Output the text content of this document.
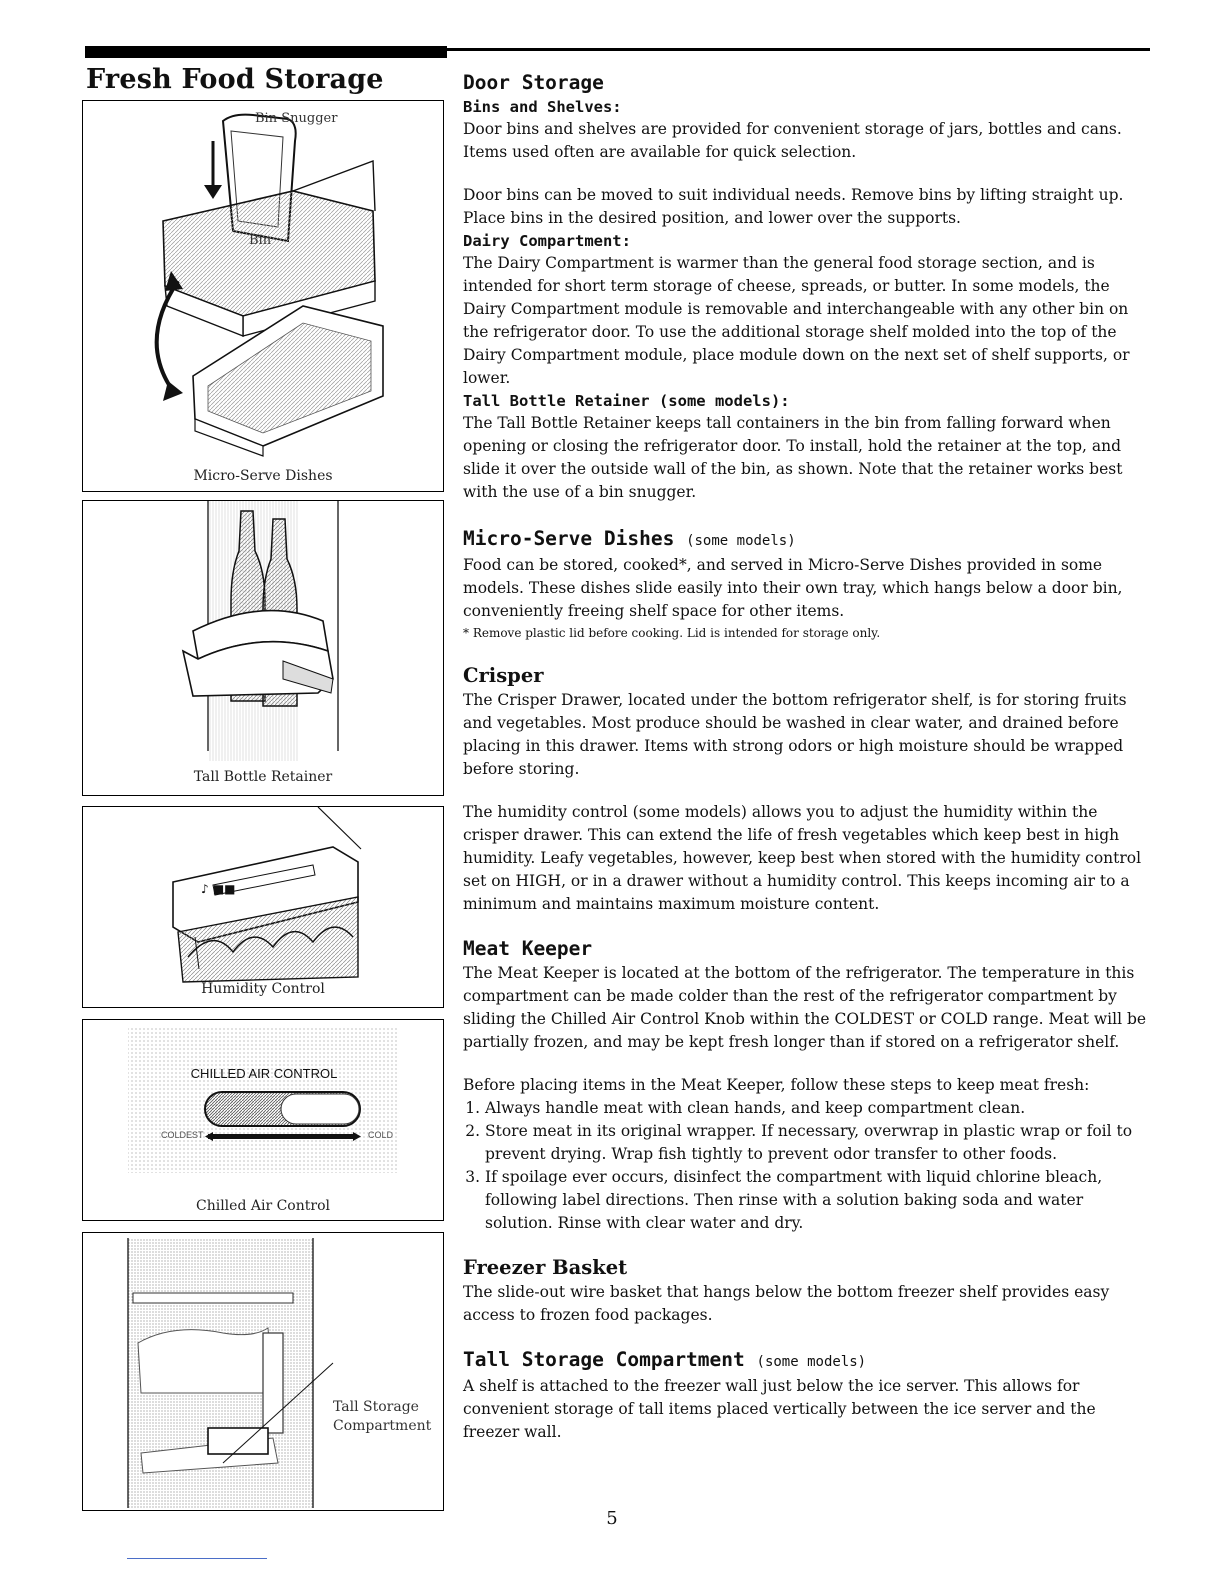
Fresh Food Storage
Bin Snugger
Bin
Micro-Serve Dishes
Tall Bottle Retainer
♪ ■■
Humidity Control
CHILLED AIR CONTROL
COLDEST	COLD
Chilled Air Control
Tall Storage
Compartment
Door Storage
Bins and Shelves:

Door bins and shelves are provided for convenient storage of jars, bottles and cans. Items used often are available for quick selection.

Door bins can be moved to suit individual needs. Remove bins by lifting straight up. Place bins in the desired position, and lower over the supports.

Dairy Compartment:

The Dairy Compartment is warmer than the general food storage section, and is intended for short term storage of cheese, spreads, or butter. In some models, the Dairy Compartment module is removable and interchangeable with any other bin on the refrigerator door. To use the additional storage shelf molded into the top of the Dairy Compartment module, place module down on the next set of shelf supports, or lower.

Tall Bottle Retainer (some models):

The Tall Bottle Retainer keeps tall containers in the bin from falling forward when opening or closing the refrigerator door. To install, hold the retainer at the top, and slide it over the outside wall of the bin, as shown. Note that the retainer works best with the use of a bin snugger.

Micro-Serve Dishes (some models)

Food can be stored, cooked*, and served in Micro-Serve Dishes provided in some models. These dishes slide easily into their own tray, which hangs below a door bin, conveniently freeing shelf space for other items.

* Remove plastic lid before cooking. Lid is intended for storage only.

Crisper

The Crisper Drawer, located under the bottom refrigerator shelf, is for storing fruits and vegetables. Most produce should be washed in clear water, and drained before placing in this drawer. Items with strong odors or high moisture should be wrapped before storing.

The humidity control (some models) allows you to adjust the humidity within the crisper drawer. This can extend the life of fresh vegetables which keep best in high humidity. Leafy vegetables, however, keep best when stored with the humidity control set on HIGH, or in a drawer without a humidity control. This keeps incoming air to a minimum and maintains maximum moisture content.

Meat Keeper

The Meat Keeper is located at the bottom of the refrigerator. The temperature in this compartment can be made colder than the rest of the refrigerator compartment by sliding the Chilled Air Control Knob within the COLDEST or COLD range. Meat will be partially frozen, and may be kept fresh longer than if stored on a refrigerator shelf.

Before placing items in the Meat Keeper, follow these steps to keep meat fresh:

1. Always handle meat with clean hands, and keep compartment clean.
2. Store meat in its original wrapper. If necessary, overwrap in plastic wrap or foil to prevent drying. Wrap fish tightly to prevent odor transfer to other foods.
3. If spoilage ever occurs, disinfect the compartment with liquid chlorine bleach, following label directions. Then rinse with a solution baking soda and water solution. Rinse with clear water and dry.
Freezer Basket

The slide-out wire basket that hangs below the bottom freezer shelf provides easy access to frozen food packages.

Tall Storage Compartment (some models)

A shelf is attached to the freezer wall just below the ice server. This allows for convenient storage of tall items placed vertically between the ice server and the freezer wall.

5
